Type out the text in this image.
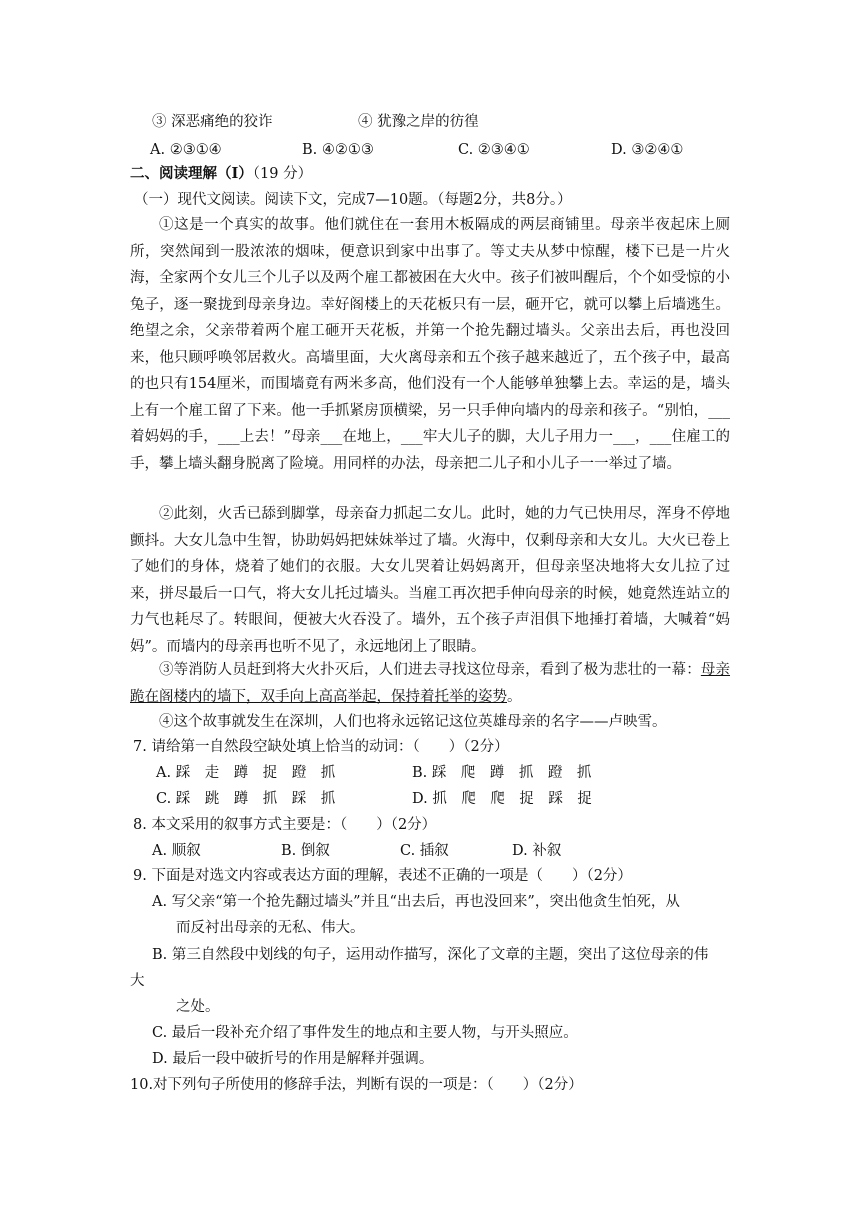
③ 深恶痛绝的狡诈	④ 犹豫之岸的彷徨
A. ②③①④	B. ④②①③	C. ②③④①	D. ③②④①
二、阅读理解（Ⅰ）（19 分）
（一）现代文阅读。阅读下文，完成7—10题。（每题2分，共8分。）

①这是一个真实的故事。他们就住在一套用木板隔成的两层商铺里。母亲半夜起床上厕所，突然闻到一股浓浓的烟味，便意识到家中出事了。等丈夫从梦中惊醒，楼下已是一片火海，全家两个女儿三个儿子以及两个雇工都被困在大火中。孩子们被叫醒后，个个如受惊的小兔子，逐一聚拢到母亲身边。幸好阁楼上的天花板只有一层，砸开它，就可以攀上后墙逃生。绝望之余，父亲带着两个雇工砸开天花板，并第一个抢先翻过墙头。父亲出去后，再也没回来，他只顾呼唤邻居救火。高墙里面，大火离母亲和五个孩子越来越近了，五个孩子中，最高的也只有154厘米，而围墙竟有两米多高，他们没有一个人能够单独攀上去。幸运的是，墙头上有一个雇工留了下来。他一手抓紧房顶横梁，另一只手伸向墙内的母亲和孩子。“别怕，___着妈妈的手，___上去！”母亲___在地上，___牢大儿子的脚，大儿子用力一___，___住雇工的手，攀上墙头翻身脱离了险境。用同样的办法，母亲把二儿子和小儿子一一举过了墙。

②此刻，火舌已舔到脚掌，母亲奋力抓起二女儿。此时，她的力气已快用尽，浑身不停地颤抖。大女儿急中生智，协助妈妈把妹妹举过了墙。火海中，仅剩母亲和大女儿。大火已卷上了她们的身体，烧着了她们的衣服。大女儿哭着让妈妈离开，但母亲坚决地将大女儿拉了过来，拼尽最后一口气，将大女儿托过墙头。当雇工再次把手伸向母亲的时候，她竟然连站立的力气也耗尽了。转眼间，便被大火吞没了。墙外，五个孩子声泪俱下地捶打着墙，大喊着“妈妈”。而墙内的母亲再也听不见了，永远地闭上了眼睛。

③等消防人员赶到将大火扑灭后，人们进去寻找这位母亲，看到了极为悲壮的一幕：母亲跪在阁楼内的墙下，双手向上高高举起，保持着托举的姿势。

④这个故事就发生在深圳，人们也将永远铭记这位英雄母亲的名字——卢映雪。

7. 请给第一自然段空缺处填上恰当的动词：（　　）（2分）
A. 踩　走　蹲　捉　蹬　抓	B. 踩　爬　蹲　抓　蹬　抓
C. 踩　跳　蹲　抓　踩　抓	D. 抓　爬　爬　捉　踩　捉
8. 本文采用的叙事方式主要是：（　　）（2分）
A. 顺叙	B. 倒叙	C. 插叙	D. 补叙
9. 下面是对选文内容或表达方面的理解，表述不正确的一项是（　　）（2分）
A. 写父亲“第一个抢先翻过墙头”并且“出去后，再也没回来”，突出他贪生怕死，从
而反衬出母亲的无私、伟大。
B. 第三自然段中划线的句子，运用动作描写，深化了文章的主题，突出了这位母亲的伟
大
之处。
C. 最后一段补充介绍了事件发生的地点和主要人物，与开头照应。
D. 最后一段中破折号的作用是解释并强调。
10.对下列句子所使用的修辞手法，判断有误的一项是：（　　）（2分）
